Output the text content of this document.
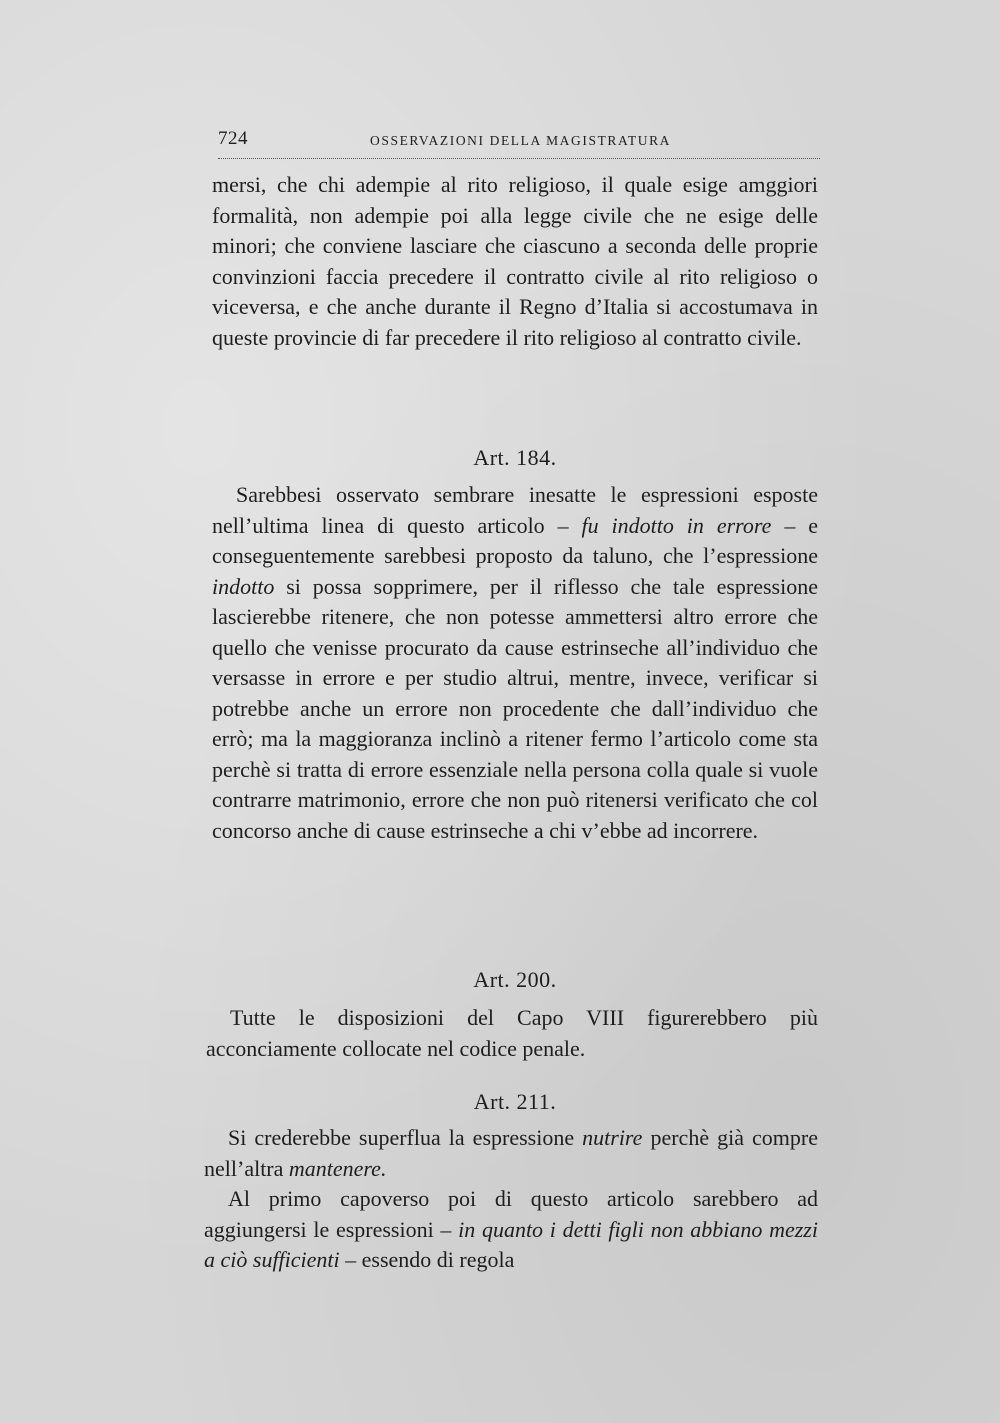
724	OSSERVAZIONI DELLA MAGISTRATURA

mersi, che chi adempie al rito religioso, il quale esige amggiori formalità, non adempie poi alla legge civile che ne esige delle minori; che conviene lasciare che ciascuno a seconda delle proprie convinzioni faccia precedere il contratto civile al rito religioso o viceversa, e che anche durante il Regno d’Italia si accostumava in queste provincie di far precedere il rito religioso al contratto civile.

Art. 184.

Sarebbesi osservato sembrare inesatte le espressioni esposte nell’ultima linea di questo articolo – fu indotto in errore – e conseguentemente sarebbesi proposto da taluno, che l’espressione indotto si possa sopprimere, per il riflesso che tale espressione lascierebbe ritenere, che non potesse ammettersi altro errore che quello che venisse procurato da cause estrinseche all’individuo che versasse in errore e per studio altrui, mentre, invece, verificar si potrebbe anche un errore non procedente che dall’individuo che errò; ma la maggioranza inclinò a ritener fermo l’articolo come sta perchè si tratta di errore essenziale nella persona colla quale si vuole contrarre matrimonio, errore che non può ritenersi verificato che col concorso anche di cause estrinseche a chi v’ebbe ad incorrere.

Art. 200.

Tutte le disposizioni del Capo VIII figurerebbero più acconciamente collocate nel codice penale.

Art. 211.

Si crederebbe superflua la espressione nutrire perchè già compre nell’altra mantenere.

Al primo capoverso poi di questo articolo sarebbero ad aggiungersi le espressioni – in quanto i detti figli non abbiano mezzi a ciò sufficienti – essendo di regola
